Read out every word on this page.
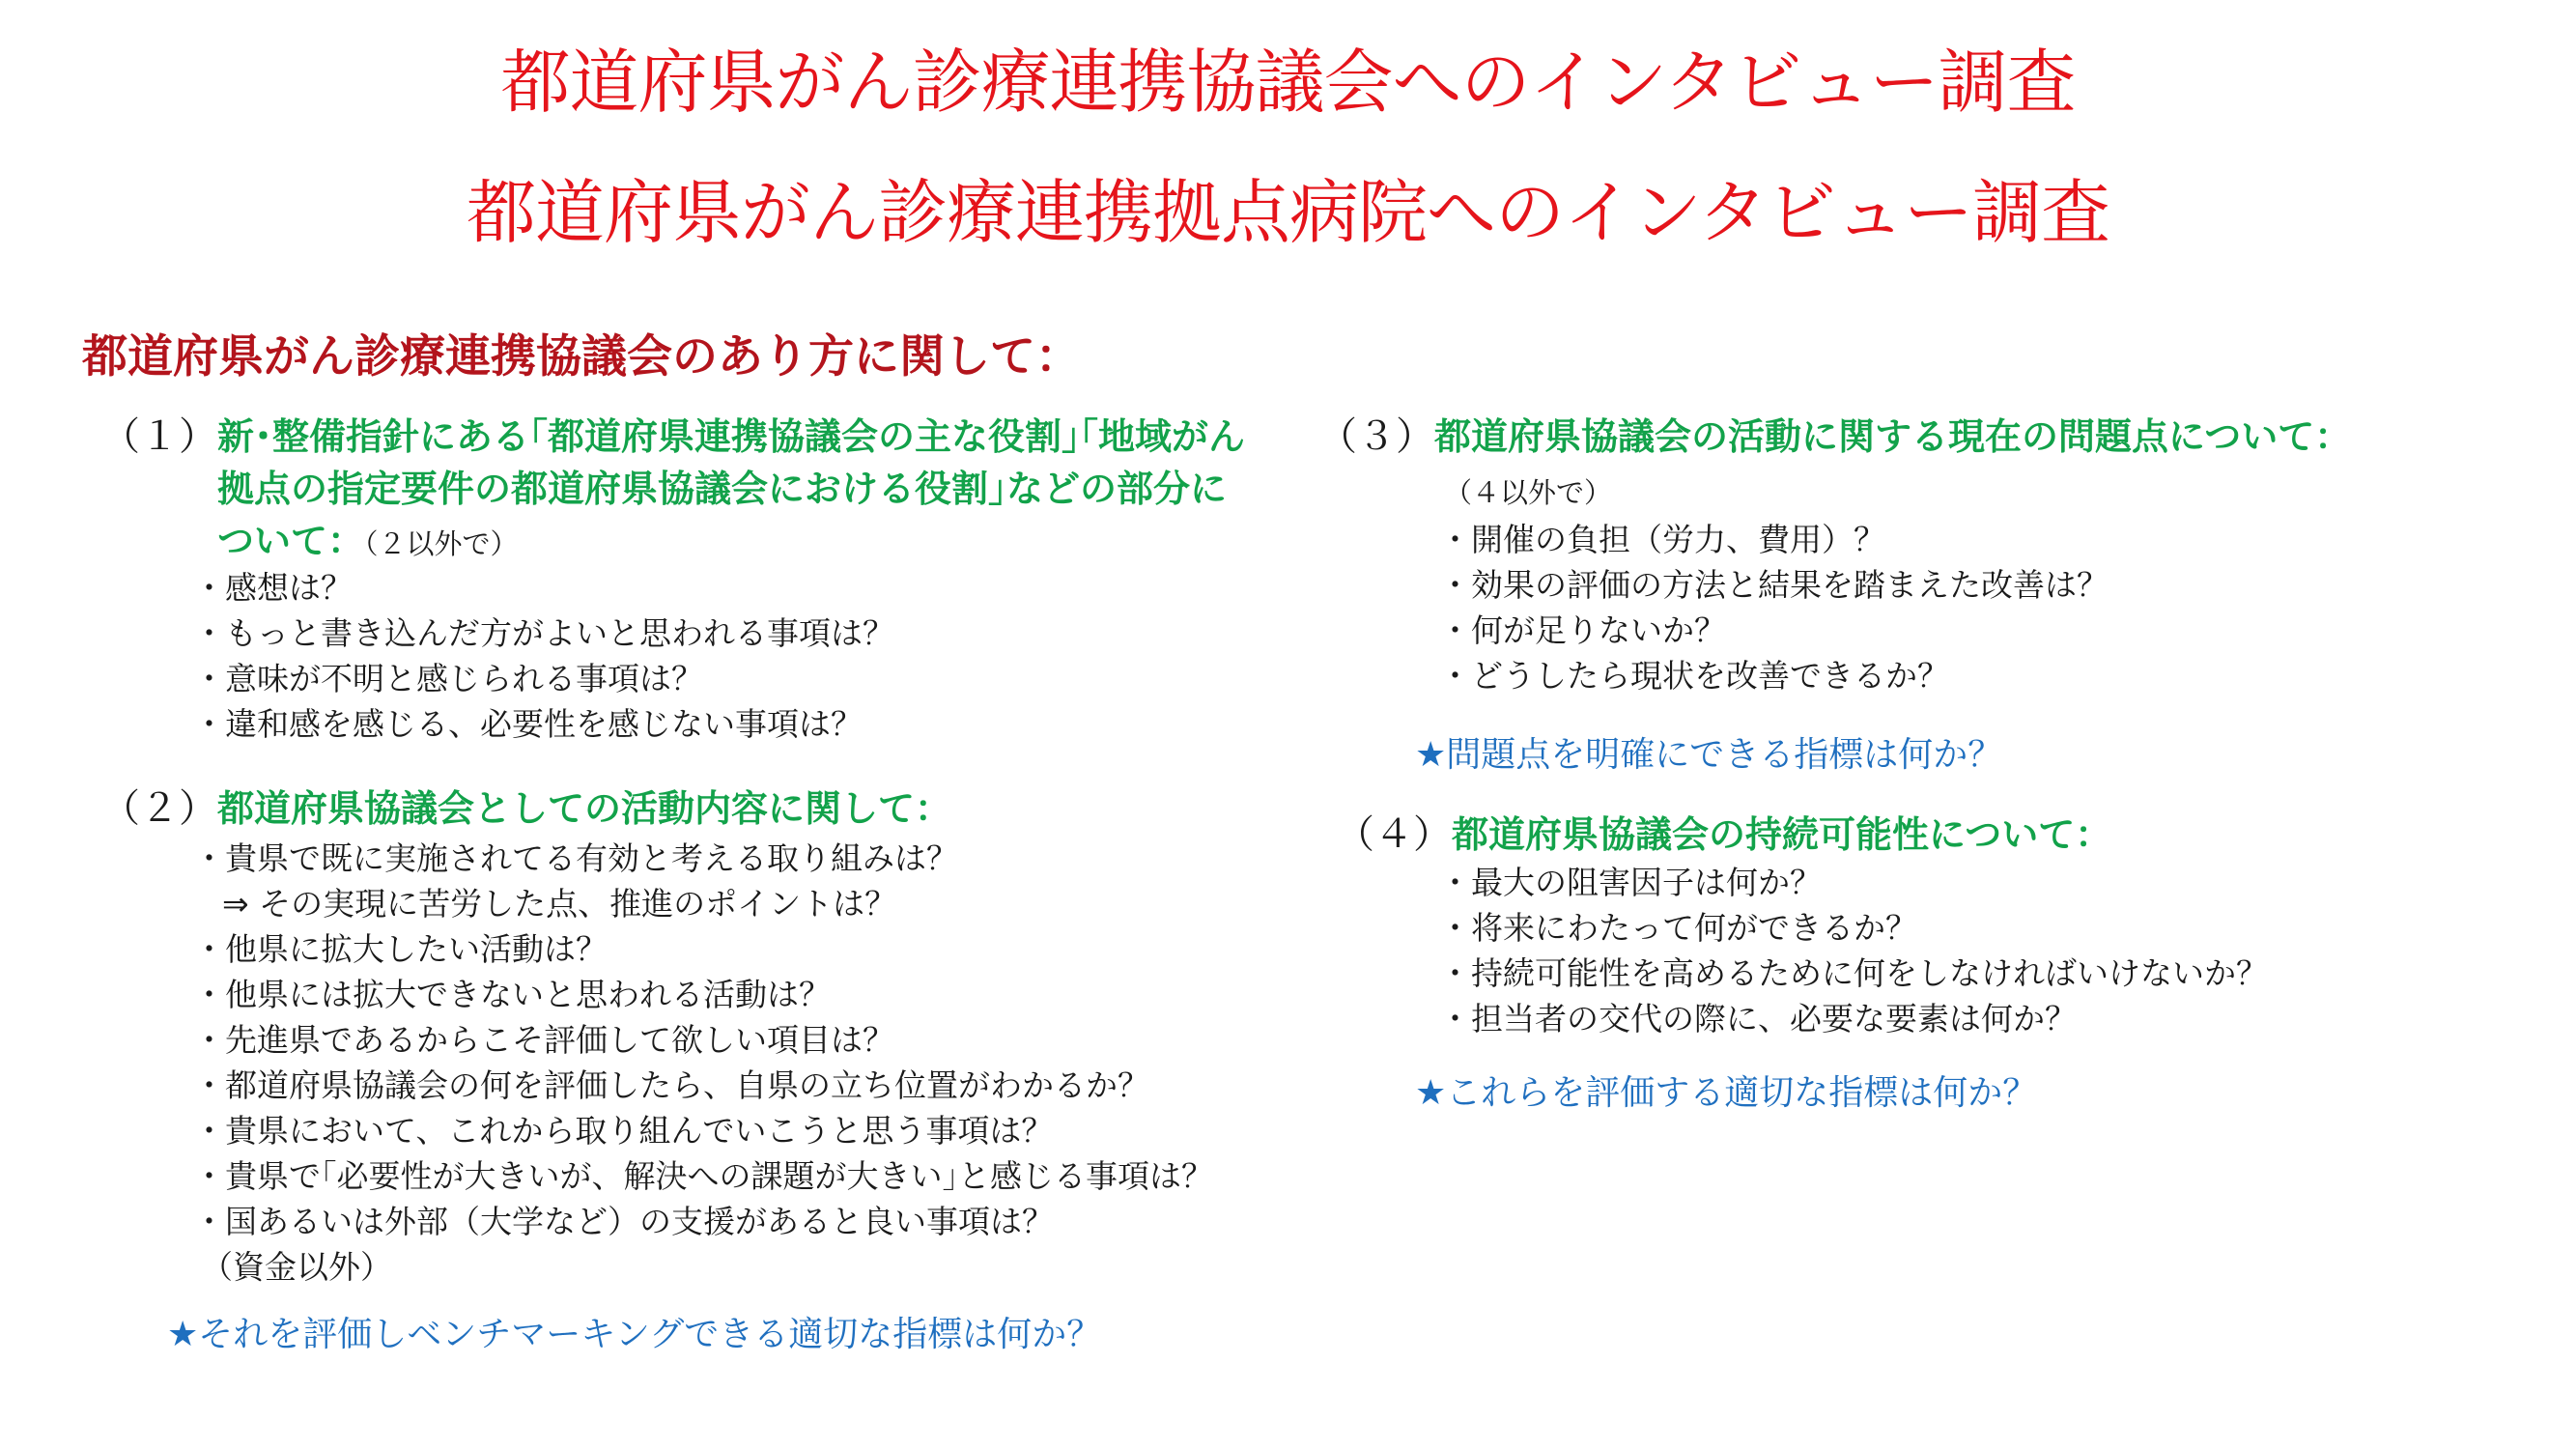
都道府県がん診療連携協議会へのインタビュー調査
都道府県がん診療連携拠点病院へのインタビュー調査
都道府県がん診療連携協議会のあり方に関して：
（１） 新･整備指針にある｢都道府県連携協議会の主な役割｣｢地域がん拠点の指定要件の都道府県協議会における役割｣などの部分について：（２以外で）
・感想は？
・もっと書き込んだ方がよいと思われる事項は？
・意味が不明と感じられる事項は？
・違和感を感じる、必要性を感じない事項は？
（２） 都道府県協議会としての活動内容に関して：
・貴県で既に実施されてる有効と考える取り組みは？
⇒ その実現に苦労した点、推進のポイントは？
・他県に拡大したい活動は？
・他県には拡大できないと思われる活動は？
・先進県であるからこそ評価して欲しい項目は？
・都道府県協議会の何を評価したら、自県の立ち位置がわかるか？
・貴県において、これから取り組んでいこうと思う事項は？
・貴県で｢必要性が大きいが、解決への課題が大きい｣と感じる事項は？
・国あるいは外部（大学など）の支援があると良い事項は？
（資金以外）
★それを評価しベンチマーキングできる適切な指標は何か？
（３） 都道府県協議会の活動に関する現在の問題点について：
（４以外で）
・開催の負担（労力、費用）？
・効果の評価の方法と結果を踏まえた改善は？
・何が足りないか？
・どうしたら現状を改善できるか？
★問題点を明確にできる指標は何か？
（４） 都道府県協議会の持続可能性について：
・最大の阻害因子は何か？
・将来にわたって何ができるか？
・持続可能性を高めるために何をしなければいけないか？
・担当者の交代の際に、必要な要素は何か？
★これらを評価する適切な指標は何か？
